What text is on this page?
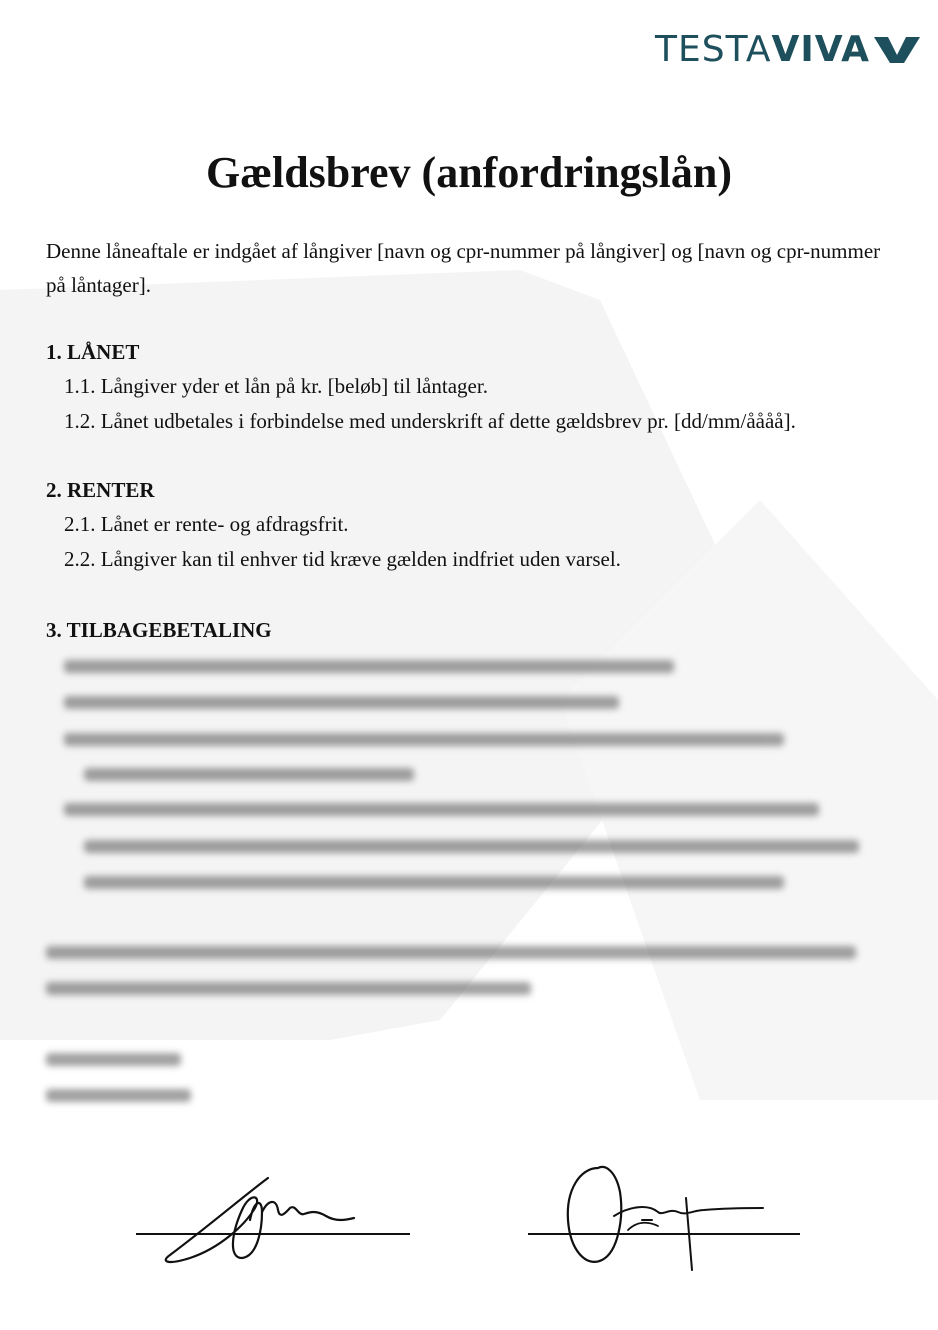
TESTAVIVA
Gældsbrev (anfordringslån)
Denne låneaftale er indgået af långiver [navn og cpr-nummer på långiver] og [navn og cpr-nummer på låntager].
1. LÅNET
1.1. Långiver yder et lån på kr. [beløb] til låntager.
1.2. Lånet udbetales i forbindelse med underskrift af dette gældsbrev pr. [dd/mm/åååå].
2. RENTER
2.1. Lånet er rente- og afdragsfrit.
2.2. Långiver kan til enhver tid kræve gælden indfriet uden varsel.
3. TILBAGEBETALING
